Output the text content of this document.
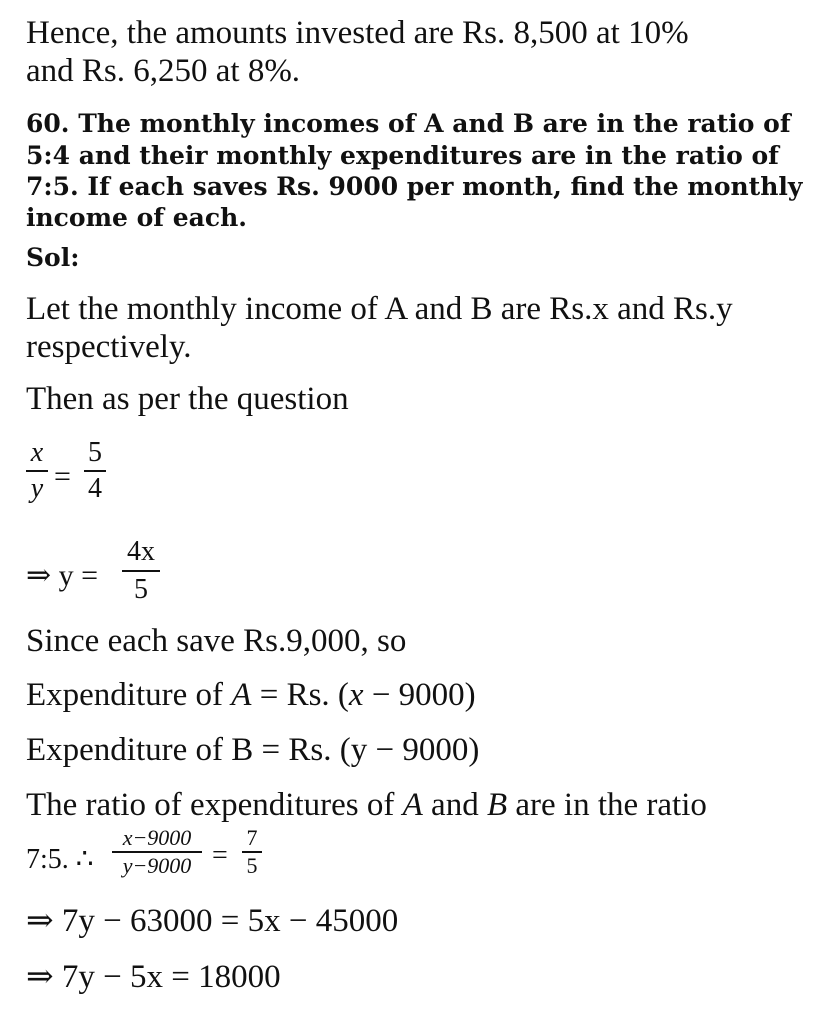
Hence, the amounts invested are Rs. 8,500 at 10%
and Rs. 6,250 at 8%.
60. The monthly incomes of A and B are in the ratio of
5:4 and their monthly expenditures are in the ratio of
7:5. If each saves Rs. 9000 per month, find the monthly
income of each.
Sol:
Let the monthly income of A and B are Rs.x and Rs.y
respectively.
Then as per the question
x
y =
5
4
⇒ y =
4x
5
Since each save Rs.9,000, so
Expenditure of A = Rs. (x − 9000)
Expenditure of B = Rs. (y − 9000)
The ratio of expenditures of A and B are in the ratio
7:5. ∴
x−9000
y−9000 =
7
5
⇒ 7y − 63000 = 5x − 45000
⇒ 7y − 5x = 18000
